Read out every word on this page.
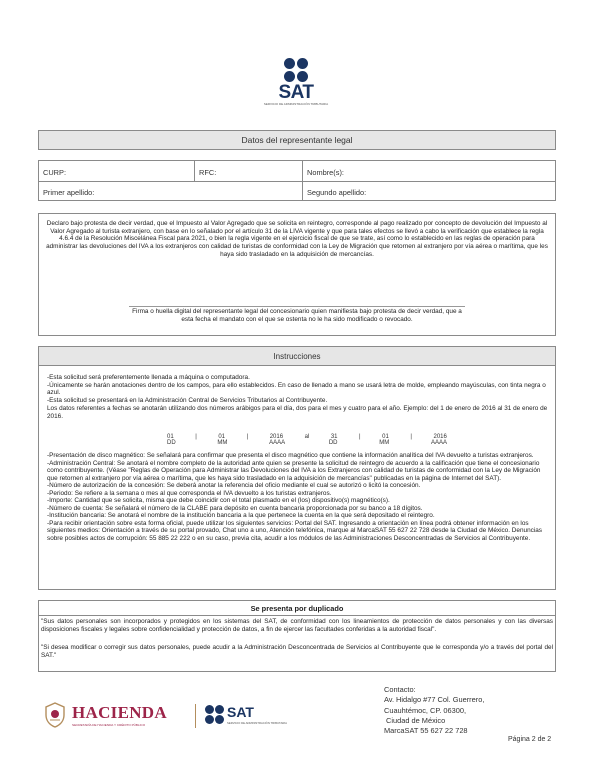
SAT
SERVICIO DE ADMINISTRACIÓN TRIBUTARIA
Datos del representante legal
CURP:	RFC:	Nombre(s):
Primer apellido:	Segundo apellido:
Declaro bajo protesta de decir verdad, que el Impuesto al Valor Agregado que se solicita en reintegro, corresponde al pago realizado por concepto de devolución del Impuesto al Valor Agregado al turista extranjero, con base en lo señalado por el artículo 31 de la LIVA vigente y que para tales efectos se llevó a cabo la verificación que establece la regla 4.6.4 de la Resolución Miscelánea Fiscal para 2021, o bien la regla vigente en el ejercicio fiscal de que se trate, así como lo establecido en las reglas de operación para administrar las devoluciones del IVA a los extranjeros con calidad de turistas de conformidad con la Ley de Migración que retornen al extranjero por vía aérea o marítima, que les haya sido trasladado en la adquisición de mercancías.
Firma o huella digital del representante legal del concesionario quien manifiesta bajo protesta de decir verdad, que a esta fecha el mandato con el que se ostenta no le ha sido modificado o revocado.
Instrucciones
-Esta solicitud será preferentemente llenada a máquina o computadora.
-Únicamente se harán anotaciones dentro de los campos, para ello establecidos. En caso de llenado a mano se usará letra de molde, empleando mayúsculas, con tinta negra o azul.
-Esta solicitud se presentará en la Administración Central de Servicios Tributarios al Contribuyente.
Los datos referentes a fechas se anotarán utilizando dos números arábigos para el día, dos para el mes y cuatro para el año. Ejemplo: del 1 de enero de 2016 al 31 de enero de 2016.
01	|	01	|	2016	al	31	|	01	|	2016
DD	MM	AAAA	DD	MM	AAAA
-Presentación de disco magnético: Se señalará para confirmar que presenta el disco magnético que contiene la información analítica del IVA devuelto a turistas extranjeros.
-Administración Central: Se anotará el nombre completo de la autoridad ante quien se presente la solicitud de reintegro de acuerdo a la calificación que tiene el concesionario como contribuyente. (Véase "Reglas de Operación para Administrar las Devoluciones del IVA a los Extranjeros con calidad de turistas de conformidad con la Ley de Migración que retornen al extranjero por vía aérea o marítima, que les haya sido trasladado en la adquisición de mercancías" publicadas en la página de Internet del SAT).
-Número de autorización de la concesión: Se deberá anotar la referencia del oficio mediante el cual se autorizó o licitó la concesión.
-Periodo: Se refiere a la semana o mes al que corresponda el IVA devuelto a los turistas extranjeros.
-Importe: Cantidad que se solicita, misma que debe coincidir con el total plasmado en el (los) dispositivo(s) magnético(s).
-Número de cuenta: Se señalará el número de la CLABE para depósito en cuenta bancaria proporcionada por su banco a 18 dígitos.
-Institución bancaria: Se anotará el nombre de la institución bancaria a la que pertenece la cuenta en la que será depositado el reintegro.
-Para recibir orientación sobre esta forma oficial, puede utilizar los siguientes servicios: Portal del SAT. Ingresando a orientación en línea podrá obtener información en los siguientes medios: Orientación a través de su portal provado, Chat uno a uno, Atención telefónica, marque al MarcaSAT 55 627 22 728 desde la Ciudad de México. Denuncias sobre posibles actos de corrupción: 55 885 22 222 o en su caso, previa cita, acudir a los módulos de las Administraciones Desconcentradas de Servicios al Contribuyente.
Se presenta por duplicado
"Sus datos personales son incorporados y protegidos en los sistemas del SAT, de conformidad con los lineamientos de protección de datos personales y con las diversas disposiciones fiscales y legales sobre confidencialidad y protección de datos, a fin de ejercer las facultades conferidas a la autoridad fiscal".
"Si desea modificar o corregir sus datos personales, puede acudir a la Administración Desconcentrada de Servicios al Contribuyente que le corresponda y/o a través del portal del SAT."
HACIENDA
SECRETARÍA DE HACIENDA Y CRÉDITO PÚBLICO
SAT
SERVICIO DE ADMINISTRACIÓN TRIBUTARIA
Contacto:
Av. Hidalgo #77 Col. Guerrero,
Cuauhtémoc, CP. 06300,
Ciudad de México
MarcaSAT 55 627 22 728
Página 2 de 2
